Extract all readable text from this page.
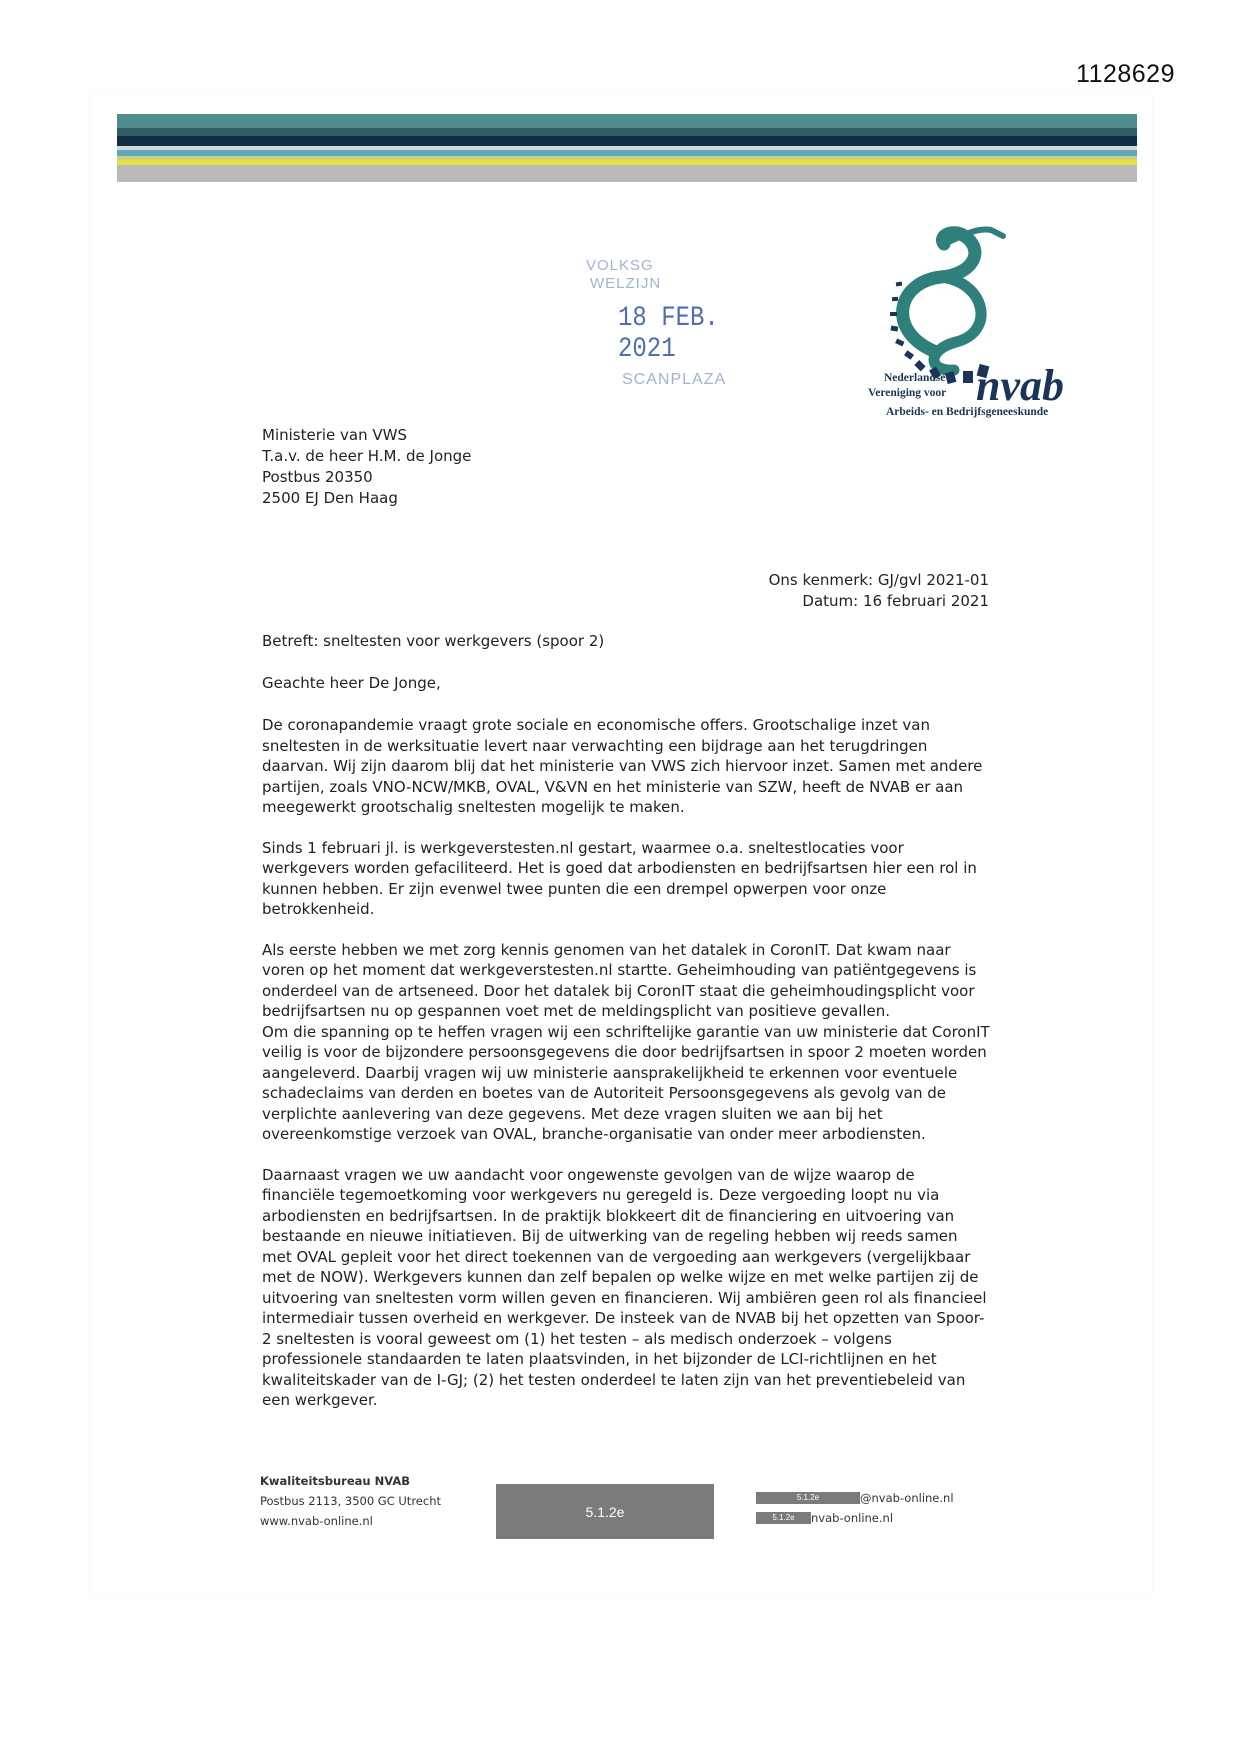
1128629
VOLKSG
WELZIJN
18 FEB. 2021
SCANPLAZA	Nederlandse
Vereniging voor
Arbeids- en Bedrijfsgeneeskunde
nvab
Ministerie van VWS
T.a.v. de heer H.M. de Jonge
Postbus 20350
2500 EJ Den Haag
Ons kenmerk: GJ/gvl 2021-01
Datum: 16 februari 2021
Betreft: sneltesten voor werkgevers (spoor 2)
Geachte heer De Jonge,

De coronapandemie vraagt grote sociale en economische offers. Grootschalige inzet van sneltesten in de werksituatie levert naar verwachting een bijdrage aan het terugdringen daarvan. Wij zijn daarom blij dat het ministerie van VWS zich hiervoor inzet. Samen met andere partijen, zoals VNO-NCW/MKB, OVAL, V&VN en het ministerie van SZW, heeft de NVAB er aan meegewerkt grootschalig sneltesten mogelijk te maken.

Sinds 1 februari jl. is werkgeverstesten.nl gestart, waarmee o.a. sneltestlocaties voor werkgevers worden gefaciliteerd. Het is goed dat arbodiensten en bedrijfsartsen hier een rol in kunnen hebben. Er zijn evenwel twee punten die een drempel opwerpen voor onze betrokkenheid.

Als eerste hebben we met zorg kennis genomen van het datalek in CoronIT. Dat kwam naar voren op het moment dat werkgeverstesten.nl startte. Geheimhouding van patiëntgegevens is onderdeel van de artseneed. Door het datalek bij CoronIT staat die geheimhoudingsplicht voor bedrijfsartsen nu op gespannen voet met de meldingsplicht van positieve gevallen.

Om die spanning op te heffen vragen wij een schriftelijke garantie van uw ministerie dat CoronIT veilig is voor de bijzondere persoonsgegevens die door bedrijfsartsen in spoor 2 moeten worden aangeleverd. Daarbij vragen wij uw ministerie aansprakelijkheid te erkennen voor eventuele schadeclaims van derden en boetes van de Autoriteit Persoonsgegevens als gevolg van de verplichte aanlevering van deze gegevens. Met deze vragen sluiten we aan bij het overeenkomstige verzoek van OVAL, branche-organisatie van onder meer arbodiensten.

Daarnaast vragen we uw aandacht voor ongewenste gevolgen van de wijze waarop de financiële tegemoetkoming voor werkgevers nu geregeld is. Deze vergoeding loopt nu via arbodiensten en bedrijfsartsen. In de praktijk blokkeert dit de financiering en uitvoering van bestaande en nieuwe initiatieven. Bij de uitwerking van de regeling hebben wij reeds samen met OVAL gepleit voor het direct toekennen van de vergoeding aan werkgevers (vergelijkbaar met de NOW). Werkgevers kunnen dan zelf bepalen op welke wijze en met welke partijen zij de uitvoering van sneltesten vorm willen geven en financieren. Wij ambiëren geen rol als financieel intermediair tussen overheid en werkgever. De insteek van de NVAB bij het opzetten van Spoor-2 sneltesten is vooral geweest om (1) het testen – als medisch onderzoek – volgens professionele standaarden te laten plaatsvinden, in het bijzonder de LCI-richtlijnen en het kwaliteitskader van de I-GJ; (2) het testen onderdeel te laten zijn van het preventiebeleid van een werkgever.

Kwaliteitsbureau NVAB
Postbus 2113, 3500 GC Utrecht
www.nvab-online.nl
5.1.2e
5.1.2e	@nvab-online.nl
5.1.2e	nvab-online.nl
